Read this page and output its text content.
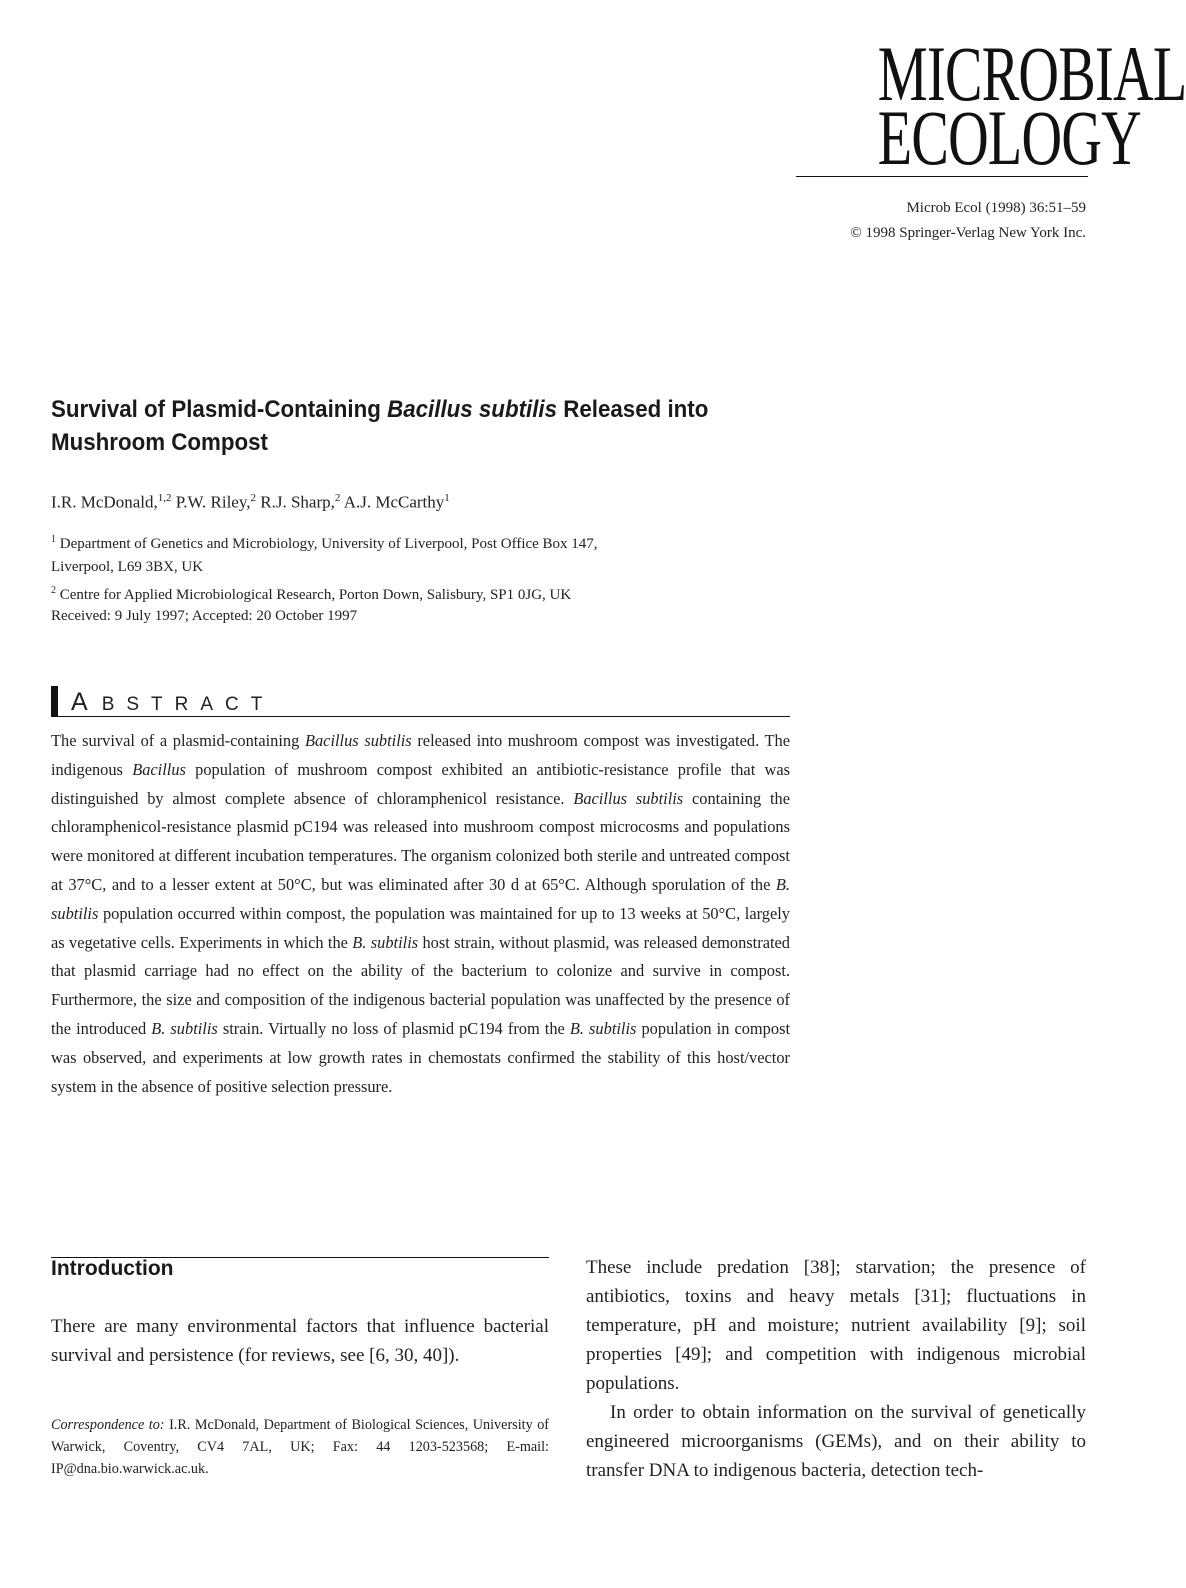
MICROBIAL
ECOLOGY
Microb Ecol (1998) 36:51–59
© 1998 Springer-Verlag New York Inc.
Survival of Plasmid-Containing Bacillus subtilis Released into
Mushroom Compost
I.R. McDonald,$^{1,2}$ P.W. Riley,$^2$ R.J. Sharp,$^2$ A.J. McCarthy$^1$
$^1$ Department of Genetics and Microbiology, University of Liverpool, Post Office Box 147,
Liverpool, L69 3BX, UK
$^2$ Centre for Applied Microbiological Research, Porton Down, Salisbury, SP1 0JG, UK
Received: 9 July 1997; Accepted: 20 October 1997
ABSTRACT
The survival of a plasmid-containing Bacillus subtilis released into mushroom compost was investigated. The indigenous Bacillus population of mushroom compost exhibited an antibiotic-resistance profile that was distinguished by almost complete absence of chloramphenicol resistance. Bacillus subtilis containing the chloramphenicol-resistance plasmid pC194 was released into mushroom compost microcosms and populations were monitored at different incubation temperatures. The organism colonized both sterile and untreated compost at 37°C, and to a lesser extent at 50°C, but was eliminated after 30 d at 65°C. Although sporulation of the B. subtilis population occurred within compost, the population was maintained for up to 13 weeks at 50°C, largely as vegetative cells. Experiments in which the B. subtilis host strain, without plasmid, was released demonstrated that plasmid carriage had no effect on the ability of the bacterium to colonize and survive in compost. Furthermore, the size and composition of the indigenous bacterial population was unaffected by the presence of the introduced B. subtilis strain. Virtually no loss of plasmid pC194 from the B. subtilis population in compost was observed, and experiments at low growth rates in chemostats confirmed the stability of this host/vector system in the absence of positive selection pressure.
Introduction
There are many environmental factors that influence bacterial survival and persistence (for reviews, see [6, 30, 40]).
Correspondence to: I.R. McDonald, Department of Biological Sciences, University of Warwick, Coventry, CV4 7AL, UK; Fax: 44 1203-523568; E-mail: IP@dna.bio.warwick.ac.uk.

These include predation [38]; starvation; the presence of antibiotics, toxins and heavy metals [31]; fluctuations in temperature, pH and moisture; nutrient availability [9]; soil properties [49]; and competition with indigenous microbial populations.

In order to obtain information on the survival of genetically engineered microorganisms (GEMs), and on their ability to transfer DNA to indigenous bacteria, detection tech-
